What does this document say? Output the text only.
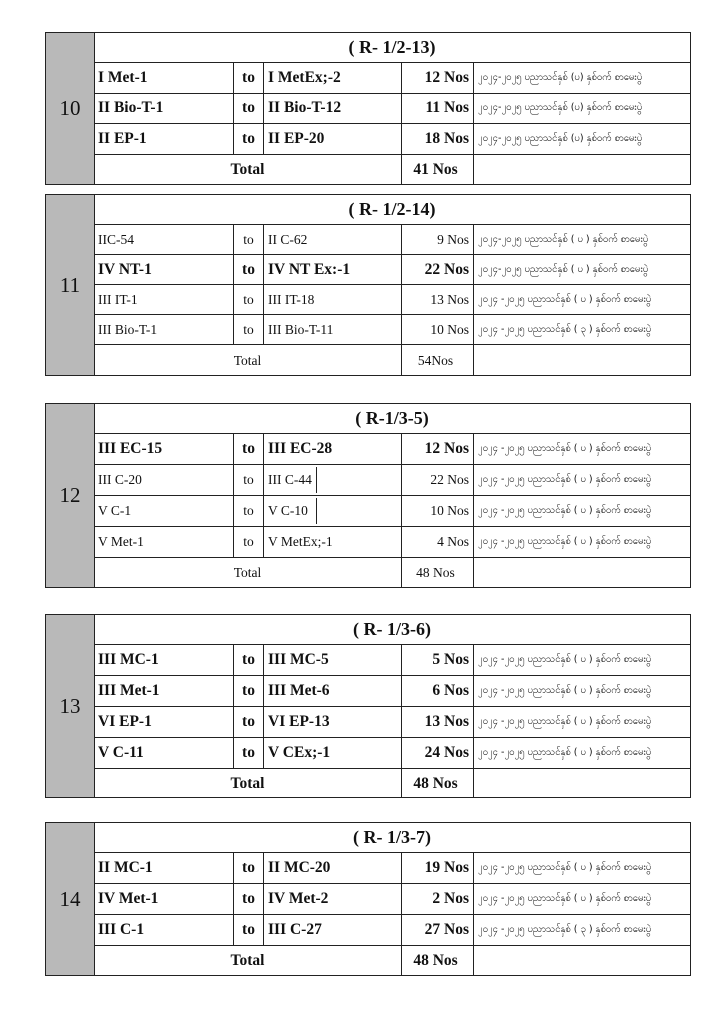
10
( R- 1/2-13)
I Met-1	to I MetEx;-2	12 Nos ၂၀၂၄-၂၀၂၅ ပညာသင်နှစ် (ပ) နှစ်ဝက် စာမေးပွဲ
II Bio-T-1	to II Bio-T-12	11 Nos ၂၀၂၄-၂၀၂၅ ပညာသင်နှစ် (ပ) နှစ်ဝက် စာမေးပွဲ
II EP-1	to II EP-20	18 Nos ၂၀၂၄-၂၀၂၅ ပညာသင်နှစ် (ပ) နှစ်ဝက် စာမေးပွဲ
Total	41 Nos
11
( R- 1/2-14)
IIC-54	to	II C-62	9 Nos ၂၀၂၄-၂၀၂၅ ပညာသင်နှစ် ( ပ ) နှစ်ဝက် စာမေးပွဲ
IV NT-1	to IV NT Ex:-1	22 Nos ၂၀၂၄-၂၀၂၅ ပညာသင်နှစ် ( ပ ) နှစ်ဝက် စာမေးပွဲ
III IT-1	to	III IT-18	13 Nos ၂၀၂၄ -၂၀၂၅ ပညာသင်နှစ် ( ပ ) နှစ်ဝက် စာမေးပွဲ
III Bio-T-1	to	III Bio-T-11	10 Nos ၂၀၂၄ -၂၀၂၅ ပညာသင်နှစ် ( ၃ ) နှစ်ဝက် စာမေးပွဲ
Total	54Nos
12
( R-1/3-5)
III EC-15	to III EC-28	12 Nos ၂၀၂၄ -၂၀၂၅ ပညာသင်နှစ် ( ပ ) နှစ်ဝက် စာမေးပွဲ
III C-20	to	III C-44	22 Nos ၂၀၂၄ -၂၀၂၅ ပညာသင်နှစ် ( ပ ) နှစ်ဝက် စာမေးပွဲ
V C-1	to	V C-10	10 Nos ၂၀၂၄ -၂၀၂၅ ပညာသင်နှစ် ( ပ ) နှစ်ဝက် စာမေးပွဲ
V Met-1	to	V MetEx;-1	4 Nos ၂၀၂၄ -၂၀၂၅ ပညာသင်နှစ် ( ပ ) နှစ်ဝက် စာမေးပွဲ
Total	48 Nos
13
( R- 1/3-6)
III MC-1	to III MC-5	5 Nos ၂၀၂၄ -၂၀၂၅ ပညာသင်နှစ် ( ပ ) နှစ်ဝက် စာမေးပွဲ
III Met-1	to III Met-6	6 Nos ၂၀၂၄ -၂၀၂၅ ပညာသင်နှစ် ( ပ ) နှစ်ဝက် စာမေးပွဲ
VI EP-1	to VI EP-13	13 Nos ၂၀၂၄ -၂၀၂၅ ပညာသင်နှစ် ( ပ ) နှစ်ဝက် စာမေးပွဲ
V C-11	to V CEx;-1	24 Nos ၂၀၂၄ -၂၀၂၅ ပညာသင်နှစ် ( ပ ) နှစ်ဝက် စာမေးပွဲ
Total	48 Nos
14
( R- 1/3-7)
II MC-1	to II MC-20	19 Nos ၂၀၂၄ -၂၀၂၅ ပညာသင်နှစ် ( ပ ) နှစ်ဝက် စာမေးပွဲ
IV Met-1	to IV Met-2	2 Nos ၂၀၂၄ -၂၀၂၅ ပညာသင်နှစ် ( ပ ) နှစ်ဝက် စာမေးပွဲ
III C-1	to III C-27	27 Nos ၂၀၂၄ -၂၀၂၅ ပညာသင်နှစ် ( ၃ ) နှစ်ဝက် စာမေးပွဲ
Total	48 Nos
